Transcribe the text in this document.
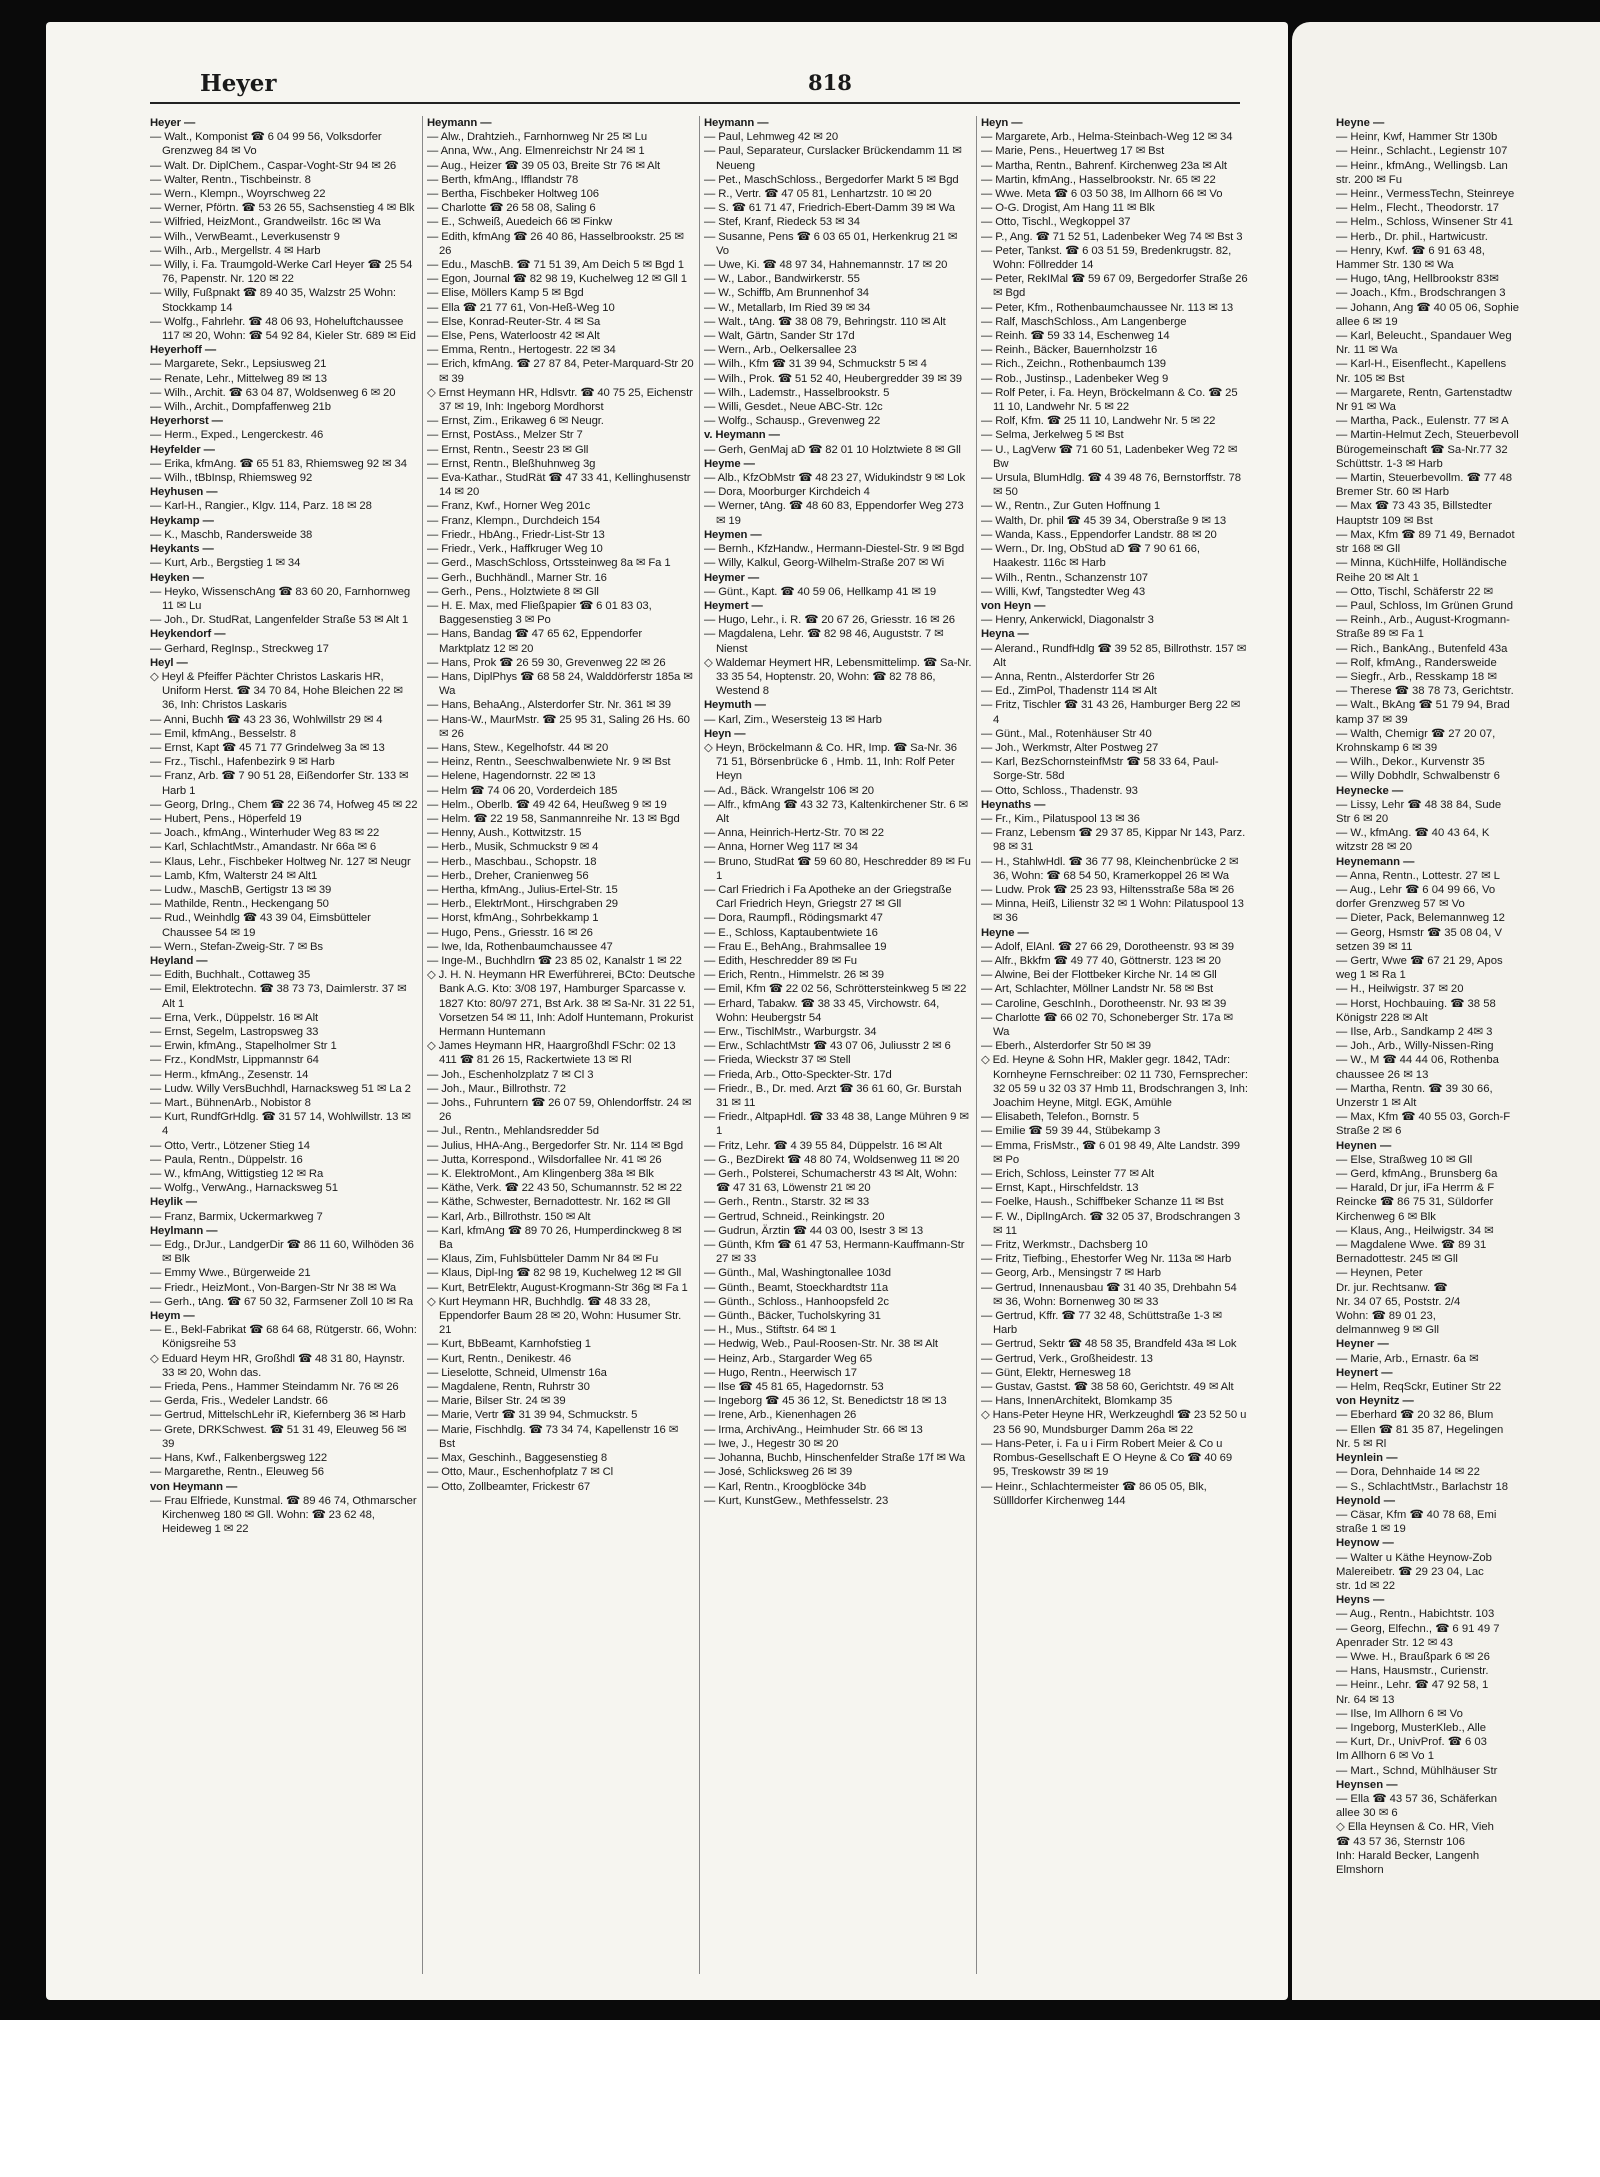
Heyer	818
Heyer —
— Walt., Komponist ☎ 6 04 99 56, Volksdorfer Grenzweg 84 ✉ Vo
— Walt. Dr. DiplChem., Caspar-Voght-Str 94 ✉ 26
— Walter, Rentn., Tischbeinstr. 8
— Wern., Klempn., Woyrschweg 22
— Werner, Pförtn. ☎ 53 26 55, Sachsenstieg 4 ✉ Blk
— Wilfried, HeizMont., Grandweilstr. 16c ✉ Wa
— Wilh., VerwBeamt., Leverkusenstr 9
— Wilh., Arb., Mergellstr. 4 ✉ Harb
— Willy, i. Fa. Traumgold-Werke Carl Heyer ☎ 25 54 76, Papenstr. Nr. 120 ✉ 22
— Willy, Fußpnakt ☎ 89 40 35, Walzstr 25 Wohn: Stockkamp 14
— Wolfg., Fahrlehr. ☎ 48 06 93, Hoheluftchaussee 117 ✉ 20, Wohn: ☎ 54 92 84, Kieler Str. 689 ✉ Eid
Heyerhoff —
— Margarete, Sekr., Lepsiusweg 21
— Renate, Lehr., Mittelweg 89 ✉ 13
— Wilh., Archit. ☎ 63 04 87, Woldsenweg 6 ✉ 20
— Wilh., Archit., Dompfaffenweg 21b
Heyerhorst —
— Herm., Exped., Lengerckestr. 46
Heyfelder —
— Erika, kfmAng. ☎ 65 51 83, Rhiemsweg 92 ✉ 34
— Wilh., tBbInsp, Rhiemsweg 92
Heyhusen —
— Karl-H., Rangier., Klgv. 114, Parz. 18 ✉ 28
Heykamp —
— K., Maschb, Randersweide 38
Heykants —
— Kurt, Arb., Bergstieg 1 ✉ 34
Heyken —
— Heyko, WissenschAng ☎ 83 60 20, Farnhornweg 11 ✉ Lu
— Joh., Dr. StudRat, Langenfelder Straße 53 ✉ Alt 1
Heykendorf —
— Gerhard, RegInsp., Streckweg 17
Heyl —
◇ Heyl & Pfeiffer Pächter Christos Laskaris HR, Uniform Herst. ☎ 34 70 84, Hohe Bleichen 22 ✉ 36, Inh: Christos Laskaris
— Anni, Buchh ☎ 43 23 36, Wohlwillstr 29 ✉ 4
— Emil, kfmAng., Besselstr. 8
— Ernst, Kapt ☎ 45 71 77 Grindelweg 3a ✉ 13
— Frz., Tischl., Hafenbezirk 9 ✉ Harb
— Franz, Arb. ☎ 7 90 51 28, Eißendorfer Str. 133 ✉ Harb 1
— Georg, DrIng., Chem ☎ 22 36 74, Hofweg 45 ✉ 22
— Hubert, Pens., Höperfeld 19
— Joach., kfmAng., Winterhuder Weg 83 ✉ 22
— Karl, SchlachtMstr., Amandastr. Nr 66a ✉ 6
— Klaus, Lehr., Fischbeker Holtweg Nr. 127 ✉ Neugr
— Lamb, Kfm, Walterstr 24 ✉ Alt1
— Ludw., MaschB, Gertigstr 13 ✉ 39
— Mathilde, Rentn., Heckengang 50
— Rud., Weinhdlg ☎ 43 39 04, Eimsbütteler Chaussee 54 ✉ 19
— Wern., Stefan-Zweig-Str. 7 ✉ Bs
Heyland —
— Edith, Buchhalt., Cottaweg 35
— Emil, Elektrotechn. ☎ 38 73 73, Daimlerstr. 37 ✉ Alt 1
— Erna, Verk., Düppelstr. 16 ✉ Alt
— Ernst, Segelm, Lastropsweg 33
— Erwin, kfmAng., Stapelholmer Str 1
— Frz., KondMstr, Lippmannstr 64
— Herm., kfmAng., Zesenstr. 14
— Ludw. Willy VersBuchhdl, Harnacksweg 51 ✉ La 2
— Mart., BühnenArb., Nobistor 8
— Kurt, RundfGrHdlg. ☎ 31 57 14, Wohlwillstr. 13 ✉ 4
— Otto, Vertr., Lötzener Stieg 14
— Paula, Rentn., Düppelstr. 16
— W., kfmAng, Wittigstieg 12 ✉ Ra
— Wolfg., VerwAng., Harnacksweg 51
Heylik —
— Franz, Barmix, Uckermarkweg 7
Heylmann —
— Edg., DrJur., LandgerDir ☎ 86 11 60, Wilhöden 36 ✉ Blk
— Emmy Wwe., Bürgerweide 21
— Friedr., HeizMont., Von-Bargen-Str Nr 38 ✉ Wa
— Gerh., tAng. ☎ 67 50 32, Farmsener Zoll 10 ✉ Ra
Heym —
— E., Bekl-Fabrikat ☎ 68 64 68, Rütgerstr. 66, Wohn: Königsreihe 53
◇ Eduard Heym HR, Großhdl ☎ 48 31 80, Haynstr. 33 ✉ 20, Wohn das.
— Frieda, Pens., Hammer Steindamm Nr. 76 ✉ 26
— Gerda, Fris., Wedeler Landstr. 66
— Gertrud, MittelschLehr iR, Kiefernberg 36 ✉ Harb
— Grete, DRKSchwest. ☎ 51 31 49, Eleuweg 56 ✉ 39
— Hans, Kwf., Falkenbergsweg 122
— Margarethe, Rentn., Eleuweg 56
von Heymann —
— Frau Elfriede, Kunstmal. ☎ 89 46 74, Othmarscher Kirchenweg 180 ✉ Gll. Wohn: ☎ 23 62 48, Heideweg 1 ✉ 22
Heymann —
— Alw., Drahtzieh., Farnhornweg Nr 25 ✉ Lu
— Anna, Ww., Ang. Elmenreichstr Nr 24 ✉ 1
— Aug., Heizer ☎ 39 05 03, Breite Str 76 ✉ Alt
— Berth, kfmAng., Ifflandstr 78
— Bertha, Fischbeker Holtweg 106
— Charlotte ☎ 26 58 08, Saling 6
— E., Schweiß, Auedeich 66 ✉ Finkw
— Edith, kfmAng ☎ 26 40 86, Hasselbrookstr. 25 ✉ 26
— Edu., MaschB. ☎ 71 51 39, Am Deich 5 ✉ Bgd 1
— Egon, Journal ☎ 82 98 19, Kuchelweg 12 ✉ Gll 1
— Elise, Möllers Kamp 5 ✉ Bgd
— Ella ☎ 21 77 61, Von-Heß-Weg 10
— Else, Konrad-Reuter-Str. 4 ✉ Sa
— Else, Pens, Waterloostr 42 ✉ Alt
— Emma, Rentn., Hertogestr. 22 ✉ 34
— Erich, kfmAng. ☎ 27 87 84, Peter-Marquard-Str 20 ✉ 39
◇ Ernst Heymann HR, Hdlsvtr. ☎ 40 75 25, Eichenstr 37 ✉ 19, Inh: Ingeborg Mordhorst
— Ernst, Zim., Erikaweg 6 ✉ Neugr.
— Ernst, PostAss., Melzer Str 7
— Ernst, Rentn., Seestr 23 ✉ Gll
— Ernst, Rentn., Bleßhuhnweg 3g
— Eva-Kathar., StudRät ☎ 47 33 41, Kellinghusenstr 14 ✉ 20
— Franz, Kwf., Horner Weg 201c
— Franz, Klempn., Durchdeich 154
— Friedr., HbAng., Friedr-List-Str 13
— Friedr., Verk., Haffkruger Weg 10
— Gerd., MaschSchloss, Ortssteinweg 8a ✉ Fa 1
— Gerh., Buchhändl., Marner Str. 16
— Gerh., Pens., Holztwiete 8 ✉ Gll
— H. E. Max, med Fließpapier ☎ 6 01 83 03, Baggesenstieg 3 ✉ Po
— Hans, Bandag ☎ 47 65 62, Eppendorfer Marktplatz 12 ✉ 20
— Hans, Prok ☎ 26 59 30, Grevenweg 22 ✉ 26
— Hans, DiplPhys ☎ 68 58 24, Walddörferstr 185a ✉ Wa
— Hans, BehaAng., Alsterdorfer Str. Nr. 361 ✉ 39
— Hans-W., MaurMstr. ☎ 25 95 31, Saling 26 Hs. 60 ✉ 26
— Hans, Stew., Kegelhofstr. 44 ✉ 20
— Heinz, Rentn., Seeschwalbenwiete Nr. 9 ✉ Bst
— Helene, Hagendornstr. 22 ✉ 13
— Helm ☎ 74 06 20, Vorderdeich 185
— Helm., Oberlb. ☎ 49 42 64, Heußweg 9 ✉ 19
— Helm. ☎ 22 19 58, Sanmannreihe Nr. 13 ✉ Bgd
— Henny, Aush., Kottwitzstr. 15
— Herb., Musik, Schmuckstr 9 ✉ 4
— Herb., Maschbau., Schopstr. 18
— Herb., Dreher, Cranienweg 56
— Hertha, kfmAng., Julius-Ertel-Str. 15
— Herb., ElektrMont., Hirschgraben 29
— Horst, kfmAng., Sohrbekkamp 1
— Hugo, Pens., Griesstr. 16 ✉ 26
— Iwe, Ida, Rothenbaumchaussee 47
— Inge-M., Buchhdlrn ☎ 23 85 02, Kanalstr 1 ✉ 22
◇ J. H. N. Heymann HR Ewerführerei, BCto: Deutsche Bank A.G. Kto: 3/08 197, Hamburger Sparcasse v. 1827 Kto: 80/97 271, Bst Ark. 38 ✉ Sa-Nr. 31 22 51, Vorsetzen 54 ✉ 11, Inh: Adolf Huntemann, Prokurist Hermann Huntemann
◇ James Heymann HR, Haargroßhdl FSchr: 02 13 411 ☎ 81 26 15, Rackertwiete 13 ✉ Rl
— Joh., Eschenholzplatz 7 ✉ Cl 3
— Joh., Maur., Billrothstr. 72
— Johs., Fuhruntern ☎ 26 07 59, Ohlendorffstr. 24 ✉ 26
— Jul., Rentn., Mehlandsredder 5d
— Julius, HHA-Ang., Bergedorfer Str. Nr. 114 ✉ Bgd
— Jutta, Korrespond., Wilsdorfallee Nr. 41 ✉ 26
— K. ElektroMont., Am Klingenberg 38a ✉ Blk
— Käthe, Verk. ☎ 22 43 50, Schumannstr. 52 ✉ 22
— Käthe, Schwester, Bernadottestr. Nr. 162 ✉ Gll
— Karl, Arb., Billrothstr. 150 ✉ Alt
— Karl, kfmAng ☎ 89 70 26, Humperdinckweg 8 ✉ Ba
— Klaus, Zim, Fuhlsbütteler Damm Nr 84 ✉ Fu
— Klaus, Dipl-Ing ☎ 82 98 19, Kuchelweg 12 ✉ Gll
— Kurt, BetrElektr, August-Krogmann-Str 36g ✉ Fa 1
◇ Kurt Heymann HR, Buchhdlg. ☎ 48 33 28, Eppendorfer Baum 28 ✉ 20, Wohn: Husumer Str. 21
— Kurt, BbBeamt, Karnhofstieg 1
— Kurt, Rentn., Denikestr. 46
— Lieselotte, Schneid, Ulmenstr 16a
— Magdalene, Rentn, Ruhrstr 30
— Marie, Bilser Str. 24 ✉ 39
— Marie, Vertr ☎ 31 39 94, Schmuckstr. 5
— Marie, Fischhdlg. ☎ 73 34 74, Kapellenstr 16 ✉ Bst
— Max, Geschinh., Baggesenstieg 8
— Otto, Maur., Eschenhofplatz 7 ✉ Cl
— Otto, Zollbeamter, Frickestr 67
Heymann —
— Paul, Lehmweg 42 ✉ 20
— Paul, Separateur, Curslacker Brückendamm 11 ✉ Neueng
— Pet., MaschSchloss., Bergedorfer Markt 5 ✉ Bgd
— R., Vertr. ☎ 47 05 81, Lenhartzstr. 10 ✉ 20
— S. ☎ 61 71 47, Friedrich-Ebert-Damm 39 ✉ Wa
— Stef, Kranf, Riedeck 53 ✉ 34
— Susanne, Pens ☎ 6 03 65 01, Herkenkrug 21 ✉ Vo
— Uwe, Ki. ☎ 48 97 34, Hahnemannstr. 17 ✉ 20
— W., Labor., Bandwirkerstr. 55
— W., Schiffb, Am Brunnenhof 34
— W., Metallarb, Im Ried 39 ✉ 34
— Walt., tAng. ☎ 38 08 79, Behringstr. 110 ✉ Alt
— Walt, Gärtn, Sander Str 17d
— Wern., Arb., Oelkersallee 23
— Wilh., Kfm ☎ 31 39 94, Schmuckstr 5 ✉ 4
— Wilh., Prok. ☎ 51 52 40, Heubergredder 39 ✉ 39
— Wilh., Lademstr., Hasselbrookstr. 5
— Willi, Gesdet., Neue ABC-Str. 12c
— Wolfg., Schausp., Grevenweg 22
v. Heymann —
— Gerh, GenMaj aD ☎ 82 01 10 Holztwiete 8 ✉ Gll
Heyme —
— Alb., KfzObMstr ☎ 48 23 27, Widukindstr 9 ✉ Lok
— Dora, Moorburger Kirchdeich 4
— Werner, tAng. ☎ 48 60 83, Eppendorfer Weg 273 ✉ 19
Heymen —
— Bernh., KfzHandw., Hermann-Diestel-Str. 9 ✉ Bgd
— Willy, Kalkul, Georg-Wilhelm-Straße 207 ✉ Wi
Heymer —
— Günt., Kapt. ☎ 40 59 06, Hellkamp 41 ✉ 19
Heymert —
— Hugo, Lehr., i. R. ☎ 20 67 26, Griesstr. 16 ✉ 26
— Magdalena, Lehr. ☎ 82 98 46, Auguststr. 7 ✉ Nienst
◇ Waldemar Heymert HR, Lebensmittelimp. ☎ Sa-Nr. 33 35 54, Hoptenstr. 20, Wohn: ☎ 82 78 86, Westend 8
Heymuth —
— Karl, Zim., Wesersteig 13 ✉ Harb
Heyn —
◇ Heyn, Bröckelmann & Co. HR, Imp. ☎ Sa-Nr. 36 71 51, Börsenbrücke 6 , Hmb. 11, Inh: Rolf Peter Heyn
— Ad., Bäck. Wrangelstr 106 ✉ 20
— Alfr., kfmAng ☎ 43 32 73, Kaltenkirchener Str. 6 ✉ Alt
— Anna, Heinrich-Hertz-Str. 70 ✉ 22
— Anna, Horner Weg 117 ✉ 34
— Bruno, StudRat ☎ 59 60 80, Heschredder 89 ✉ Fu 1
— Carl Friedrich i Fa Apotheke an der Griegstraße Carl Friedrich Heyn, Griegstr 27 ✉ Gll
— Dora, Raumpfl., Rödingsmarkt 47
— E., Schloss, Kaptaubentwiete 16
— Frau E., BehAng., Brahmsallee 19
— Edith, Heschredder 89 ✉ Fu
— Erich, Rentn., Himmelstr. 26 ✉ 39
— Emil, Kfm ☎ 22 02 56, Schröttersteinkweg 5 ✉ 22
— Erhard, Tabakw. ☎ 38 33 45, Virchowstr. 64, Wohn: Heubergstr 54
— Erw., TischlMstr., Warburgstr. 34
— Erw., SchlachtMstr ☎ 43 07 06, Juliusstr 2 ✉ 6
— Frieda, Wieckstr 37 ✉ Stell
— Frieda, Arb., Otto-Speckter-Str. 17d
— Friedr., B., Dr. med. Arzt ☎ 36 61 60, Gr. Burstah 31 ✉ 11
— Friedr., AltpapHdl. ☎ 33 48 38, Lange Mühren 9 ✉ 1
— Fritz, Lehr. ☎ 4 39 55 84, Düppelstr. 16 ✉ Alt
— G., BezDirekt ☎ 48 80 74, Woldsenweg 11 ✉ 20
— Gerh., Polsterei, Schumacherstr 43 ✉ Alt, Wohn: ☎ 47 31 63, Löwenstr 21 ✉ 20
— Gerh., Rentn., Starstr. 32 ✉ 33
— Gertrud, Schneid., Reinkingstr. 20
— Gudrun, Ärztin ☎ 44 03 00, Isestr 3 ✉ 13
— Günth, Kfm ☎ 61 47 53, Hermann-Kauffmann-Str 27 ✉ 33
— Günth., Mal, Washingtonallee 103d
— Günth., Beamt, Stoeckhardtstr 11a
— Günth., Schloss., Hanhoopsfeld 2c
— Günth., Bäcker, Tucholskyring 31
— H., Mus., Stiftstr. 64 ✉ 1
— Hedwig, Web., Paul-Roosen-Str. Nr. 38 ✉ Alt
— Heinz, Arb., Stargarder Weg 65
— Hugo, Rentn., Heerwisch 17
— Ilse ☎ 45 81 65, Hagedornstr. 53
— Ingeborg ☎ 45 36 12, St. Benedictstr 18 ✉ 13
— Irene, Arb., Kienenhagen 26
— Irma, ArchivAng., Heimhuder Str. 66 ✉ 13
— Iwe, J., Hegestr 30 ✉ 20
— Johanna, Buchb, Hinschenfelder Straße 17f ✉ Wa
— José, Schlicksweg 26 ✉ 39
— Karl, Rentn., Kroogblöcke 34b
— Kurt, KunstGew., Methfesselstr. 23
Heyn —
— Margarete, Arb., Helma-Steinbach-Weg 12 ✉ 34
— Marie, Pens., Heuertweg 17 ✉ Bst
— Martha, Rentn., Bahrenf. Kirchenweg 23a ✉ Alt
— Martin, kfmAng., Hasselbrookstr. Nr. 65 ✉ 22
— Wwe. Meta ☎ 6 03 50 38, Im Allhorn 66 ✉ Vo
— O-G. Drogist, Am Hang 11 ✉ Blk
— Otto, Tischl., Wegkoppel 37
— P., Ang. ☎ 71 52 51, Ladenbeker Weg 74 ✉ Bst 3
— Peter, Tankst. ☎ 6 03 51 59, Bredenkrugstr. 82, Wohn: Föllredder 14
— Peter, RekIMal ☎ 59 67 09, Bergedorfer Straße 26 ✉ Bgd
— Peter, Kfm., Rothenbaumchaussee Nr. 113 ✉ 13
— Ralf, MaschSchloss., Am Langenberge
— Reinh. ☎ 59 33 14, Eschenweg 14
— Reinh., Bäcker, Bauernholzstr 16
— Rich., Zeichn., Rothenbaumch 139
— Rob., Justinsp., Ladenbeker Weg 9
— Rolf Peter, i. Fa. Heyn, Bröckelmann & Co. ☎ 25 11 10, Landwehr Nr. 5 ✉ 22
— Rolf, Kfm. ☎ 25 11 10, Landwehr Nr. 5 ✉ 22
— Selma, Jerkelweg 5 ✉ Bst
— U., LagVerw ☎ 71 60 51, Ladenbeker Weg 72 ✉ Bw
— Ursula, BlumHdlg. ☎ 4 39 48 76, Bernstorffstr. 78 ✉ 50
— W., Rentn., Zur Guten Hoffnung 1
— Walth, Dr. phil ☎ 45 39 34, Oberstraße 9 ✉ 13
— Wanda, Kass., Eppendorfer Landstr. 88 ✉ 20
— Wern., Dr. Ing, ObStud aD ☎ 7 90 61 66, Haakestr. 116c ✉ Harb
— Wilh., Rentn., Schanzenstr 107
— Willi, Kwf, Tangstedter Weg 43
von Heyn —
— Henry, Ankerwickl, Diagonalstr 3
Heyna —
— Alerand., RundfHdlg ☎ 39 52 85, Billrothstr. 157 ✉ Alt
— Anna, Rentn., Alsterdorfer Str 26
— Ed., ZimPol, Thadenstr 114 ✉ Alt
— Fritz, Tischler ☎ 31 43 26, Hamburger Berg 22 ✉ 4
— Günt., Mal., Rotenhäuser Str 40
— Joh., Werkmstr, Alter Postweg 27
— Karl, BezSchornsteinfMstr ☎ 58 33 64, Paul-Sorge-Str. 58d
— Otto, Schloss., Thadenstr. 93
Heynaths —
— Fr., Kim., Pilatuspool 13 ✉ 36
— Franz, Lebensm ☎ 29 37 85, Kippar Nr 143, Parz. 98 ✉ 31
— H., StahlwHdl. ☎ 36 77 98, Kleinchenbrücke 2 ✉ 36, Wohn: ☎ 68 54 50, Kramerkoppel 26 ✉ Wa
— Ludw. Prok ☎ 25 23 93, Hiltensstraße 58a ✉ 26
— Minna, Heiß, Lilienstr 32 ✉ 1 Wohn: Pilatuspool 13 ✉ 36
Heyne —
— Adolf, ElAnl. ☎ 27 66 29, Dorotheenstr. 93 ✉ 39
— Alfr., Bkkfm ☎ 49 77 40, Göttnerstr. 123 ✉ 20
— Alwine, Bei der Flottbeker Kirche Nr. 14 ✉ Gll
— Art, Schlachter, Möllner Landstr Nr. 58 ✉ Bst
— Caroline, GeschInh., Dorotheenstr. Nr. 93 ✉ 39
— Charlotte ☎ 66 02 70, Schoneberger Str. 17a ✉ Wa
— Eberh., Alsterdorfer Str 50 ✉ 39
◇ Ed. Heyne & Sohn HR, Makler gegr. 1842, TAdr: Kornheyne Fernschreiber: 02 11 730, Fernsprecher: 32 05 59 u 32 03 37 Hmb 11, Brodschrangen 3, Inh: Joachim Heyne, Mitgl. EGK, Amühle
— Elisabeth, Telefon., Bornstr. 5
— Emilie ☎ 59 39 44, Stübekamp 3
— Emma, FrisMstr., ☎ 6 01 98 49, Alte Landstr. 399 ✉ Po
— Erich, Schloss, Leinster 77 ✉ Alt
— Ernst, Kapt., Hirschfeldstr. 13
— Foelke, Haush., Schiffbeker Schanze 11 ✉ Bst
— F. W., DiplIngArch. ☎ 32 05 37, Brodschrangen 3 ✉ 11
— Fritz, Werkmstr., Dachsberg 10
— Fritz, Tiefbing., Ehestorfer Weg Nr. 113a ✉ Harb
— Georg, Arb., Mensingstr 7 ✉ Harb
— Gertrud, Innenausbau ☎ 31 40 35, Drehbahn 54 ✉ 36, Wohn: Bornenweg 30 ✉ 33
— Gertrud, Kffr. ☎ 77 32 48, Schüttstraße 1-3 ✉ Harb
— Gertrud, Sektr ☎ 48 58 35, Brandfeld 43a ✉ Lok
— Gertrud, Verk., Großheidestr. 13
— Günt, Elektr, Hernesweg 18
— Gustav, Gastst. ☎ 38 58 60, Gerichtstr. 49 ✉ Alt
— Hans, InnenArchitekt, Blomkamp 35
◇ Hans-Peter Heyne HR, Werkzeughdl ☎ 23 52 50 u 23 56 90, Mundsburger Damm 26a ✉ 22
— Hans-Peter, i. Fa u i Firm Robert Meier & Co u Rombus-Gesellschaft E O Heyne & Co ☎ 40 69 95, Treskowstr 39 ✉ 19
— Heinr., Schlachtermeister ☎ 86 05 05, Blk, Süllldorfer Kirchenweg 144
Heyne —
— Heinr, Kwf, Hammer Str 130b
— Heinr., Schlacht., Legienstr 107
— Heinr., kfmAng., Wellingsb. Lan
str. 200 ✉ Fu
— Heinr., VermessTechn, Steinreye
— Helm., Flecht., Theodorstr. 17
— Helm., Schloss, Winsener Str 41
— Herb., Dr. phil., Hartwicustr.
— Henry, Kwf. ☎ 6 91 63 48,
Hammer Str. 130 ✉ Wa
— Hugo, tAng, Hellbrookstr 83✉
— Joach., Kfm., Brodschrangen 3
— Johann, Ang ☎ 40 05 06, Sophie
allee 6 ✉ 19
— Karl, Beleucht., Spandauer Weg
Nr. 11 ✉ Wa
— Karl-H., Eisenflecht., Kapellens
Nr. 105 ✉ Bst
— Margarete, Rentn, Gartenstadtw
Nr 91 ✉ Wa
— Martha, Pack., Eulenstr. 77 ✉ A
— Martin-Helmut Zech, Steuerbevoll
Bürogemeinschaft ☎ Sa-Nr.77 32
Schüttstr. 1-3 ✉ Harb
— Martin, Steuerbevollm. ☎ 77 48
Bremer Str. 60 ✉ Harb
— Max ☎ 73 43 35, Billstedter
Hauptstr 109 ✉ Bst
— Max, Kfm ☎ 89 71 49, Bernadot
str 168 ✉ Gll
— Minna, KüchHilfe, Holländische
Reihe 20 ✉ Alt 1
— Otto, Tischl, Schäferstr 22 ✉
— Paul, Schloss, Im Grünen Grund
— Reinh., Arb., August-Krogmann-
Straße 89 ✉ Fa 1
— Rich., BankAng., Butenfeld 43a
— Rolf, kfmAng., Randersweide
— Siegfr., Arb., Resskamp 18 ✉
— Therese ☎ 38 78 73, Gerichtstr.
— Walt., BkAng ☎ 51 79 94, Brad
kamp 37 ✉ 39
— Walth, Chemigr ☎ 27 20 07,
Krohnskamp 6 ✉ 39
— Wilh., Dekor., Kurvenstr 35
— Willy Dobhdlr, Schwalbenstr 6
Heynecke —
— Lissy, Lehr ☎ 48 38 84, Sude
Str 6 ✉ 20
— W., kfmAng. ☎ 40 43 64, K
witzstr 28 ✉ 20
Heynemann —
— Anna, Rentn., Lottestr. 27 ✉ L
— Aug., Lehr ☎ 6 04 99 66, Vo
dorfer Grenzweg 57 ✉ Vo
— Dieter, Pack, Belemannweg 12
— Georg, Hsmstr ☎ 35 08 04, V
setzen 39 ✉ 11
— Gertr, Wwe ☎ 67 21 29, Apos
weg 1 ✉ Ra 1
— H., Heilwigstr. 37 ✉ 20
— Horst, Hochbauing. ☎ 38 58
Königstr 228 ✉ Alt
— Ilse, Arb., Sandkamp 2 4✉ 3
— Joh., Arb., Willy-Nissen-Ring
— W., M ☎ 44 44 06, Rothenba
chaussee 26 ✉ 13
— Martha, Rentn. ☎ 39 30 66,
Unzerstr 1 ✉ Alt
— Max, Kfm ☎ 40 55 03, Gorch-F
Straße 2 ✉ 6
Heynen —
— Else, Straßweg 10 ✉ Gll
— Gerd, kfmAng., Brunsberg 6a
— Harald, Dr jur, iFa Herrm & F
Reincke ☎ 86 75 31, Süldorfer
Kirchenweg 6 ✉ Blk
— Klaus, Ang., Heilwigstr. 34 ✉
— Magdalene Wwe. ☎ 89 31
Bernadottestr. 245 ✉ Gll
— Heynen, Peter
Dr. jur. Rechtsanw. ☎
Nr. 34 07 65, Poststr. 2/4
Wohn: ☎ 89 01 23,
delmannweg 9 ✉ Gll
Heyner —
— Marie, Arb., Ernastr. 6a ✉
Heynert —
— Helm, ReqSckr, Eutiner Str 22
von Heynitz —
— Eberhard ☎ 20 32 86, Blum
— Ellen ☎ 81 35 87, Hegelingen
Nr. 5 ✉ Rl
Heynlein —
— Dora, Dehnhaide 14 ✉ 22
— S., SchlachtMstr., Barlachstr 18
Heynold —
— Cäsar, Kfm ☎ 40 78 68, Emi
straße 1 ✉ 19
Heynow —
— Walter u Käthe Heynow-Zob
Malereibetr. ☎ 29 23 04, Lac
str. 1d ✉ 22
Heyns —
— Aug., Rentn., Habichtstr. 103
— Georg, Elfechn., ☎ 6 91 49 7
Apenrader Str. 12 ✉ 43
— Wwe. H., Braußpark 6 ✉ 26
— Hans, Hausmstr., Curienstr.
— Heinr., Lehr. ☎ 47 92 58, 1
Nr. 64 ✉ 13
— Ilse, Im Allhorn 6 ✉ Vo
— Ingeborg, MusterKleb., Alle
— Kurt, Dr., UnivProf. ☎ 6 03
Im Allhorn 6 ✉ Vo 1
— Mart., Schnd, Mühlhäuser Str
Heynsen —
— Ella ☎ 43 57 36, Schäferkan
allee 30 ✉ 6
◇ Ella Heynsen & Co. HR, Vieh
☎ 43 57 36, Sternstr 106
Inh: Harald Becker, Langenh
Elmshorn
